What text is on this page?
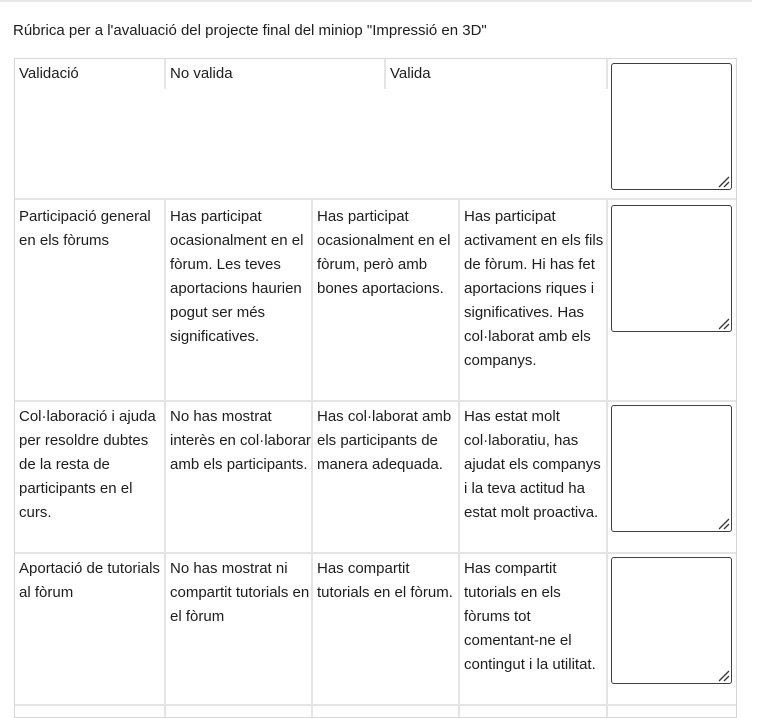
Rúbrica per a l'avaluació del projecte final del miniop "Impressió en 3D"
Validació	No valida	Valida
Participació general en els fòrums
Has participat ocasionalment en el fòrum. Les teves aportacions haurien pogut ser més significatives.
Has participat ocasionalment en el fòrum, però amb bones aportacions.
Has participat activament en els fils de fòrum. Hi has fet aportacions riques i significatives. Has col·laborat amb els companys.
Col·laboració i ajuda per resoldre dubtes de la resta de participants en el curs.
No has mostrat interès en col·laborar amb els participants.
Has col·laborat amb els participants de manera adequada.
Has estat molt col·laboratiu, has ajudat els companys i la teva actitud ha estat molt proactiva.
Aportació de tutorials al fòrum
No has mostrat ni compartit tutorials en el fòrum
Has compartit tutorials en el fòrum.
Has compartit tutorials en els fòrums tot comentant-ne el contingut i la utilitat.
